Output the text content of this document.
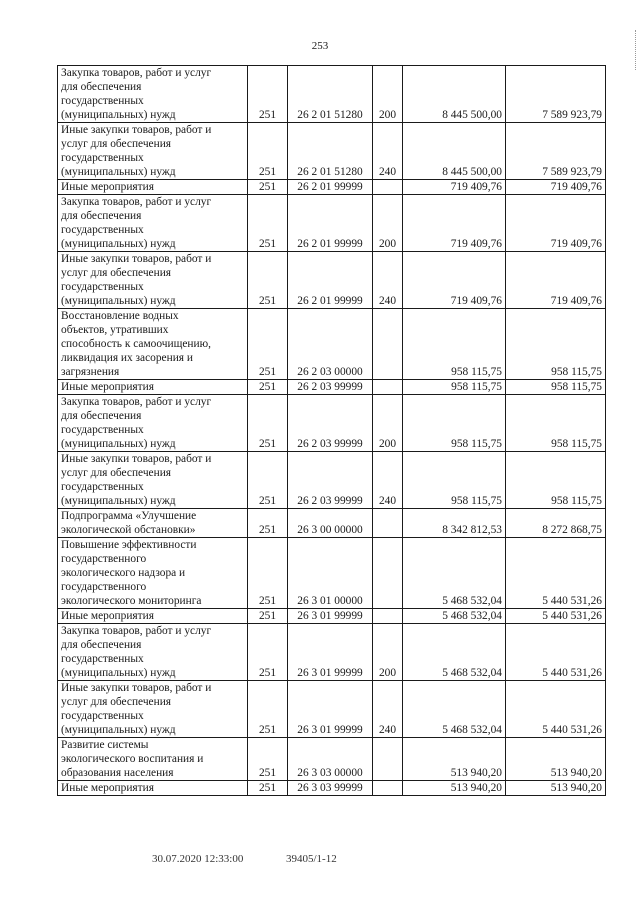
253
Закупка товаров, работ и услуг
для обеспечения
государственных
(муниципальных) нужд	251	26 2 01 51280	200	8 445 500,00	7 589 923,79

Иные закупки товаров, работ и
услуг для обеспечения
государственных
(муниципальных) нужд	251	26 2 01 51280	240	8 445 500,00	7 589 923,79

Иные мероприятия	251	26 2 01 99999		719 409,76	719 409,76

Закупка товаров, работ и услуг
для обеспечения
государственных
(муниципальных) нужд	251	26 2 01 99999	200	719 409,76	719 409,76

Иные закупки товаров, работ и
услуг для обеспечения
государственных
(муниципальных) нужд	251	26 2 01 99999	240	719 409,76	719 409,76

Восстановление водных
объектов, утративших
способность к самоочищению,
ликвидация их засорения и
загрязнения	251	26 2 03 00000		958 115,75	958 115,75

Иные мероприятия	251	26 2 03 99999		958 115,75	958 115,75

Закупка товаров, работ и услуг
для обеспечения
государственных
(муниципальных) нужд	251	26 2 03 99999	200	958 115,75	958 115,75

Иные закупки товаров, работ и
услуг для обеспечения
государственных
(муниципальных) нужд	251	26 2 03 99999	240	958 115,75	958 115,75

Подпрограмма «Улучшение
экологической обстановки»	251	26 3 00 00000		8 342 812,53	8 272 868,75

Повышение эффективности
государственного
экологического надзора и
государственного
экологического мониторинга	251	26 3 01 00000		5 468 532,04	5 440 531,26

Иные мероприятия	251	26 3 01 99999		5 468 532,04	5 440 531,26

Закупка товаров, работ и услуг
для обеспечения
государственных
(муниципальных) нужд	251	26 3 01 99999	200	5 468 532,04	5 440 531,26

Иные закупки товаров, работ и
услуг для обеспечения
государственных
(муниципальных) нужд	251	26 3 01 99999	240	5 468 532,04	5 440 531,26

Развитие системы
экологического воспитания и
образования населения	251	26 3 03 00000		513 940,20	513 940,20

Иные мероприятия	251	26 3 03 99999		513 940,20	513 940,20
30.07.2020 12:33:00	39405/1-12
